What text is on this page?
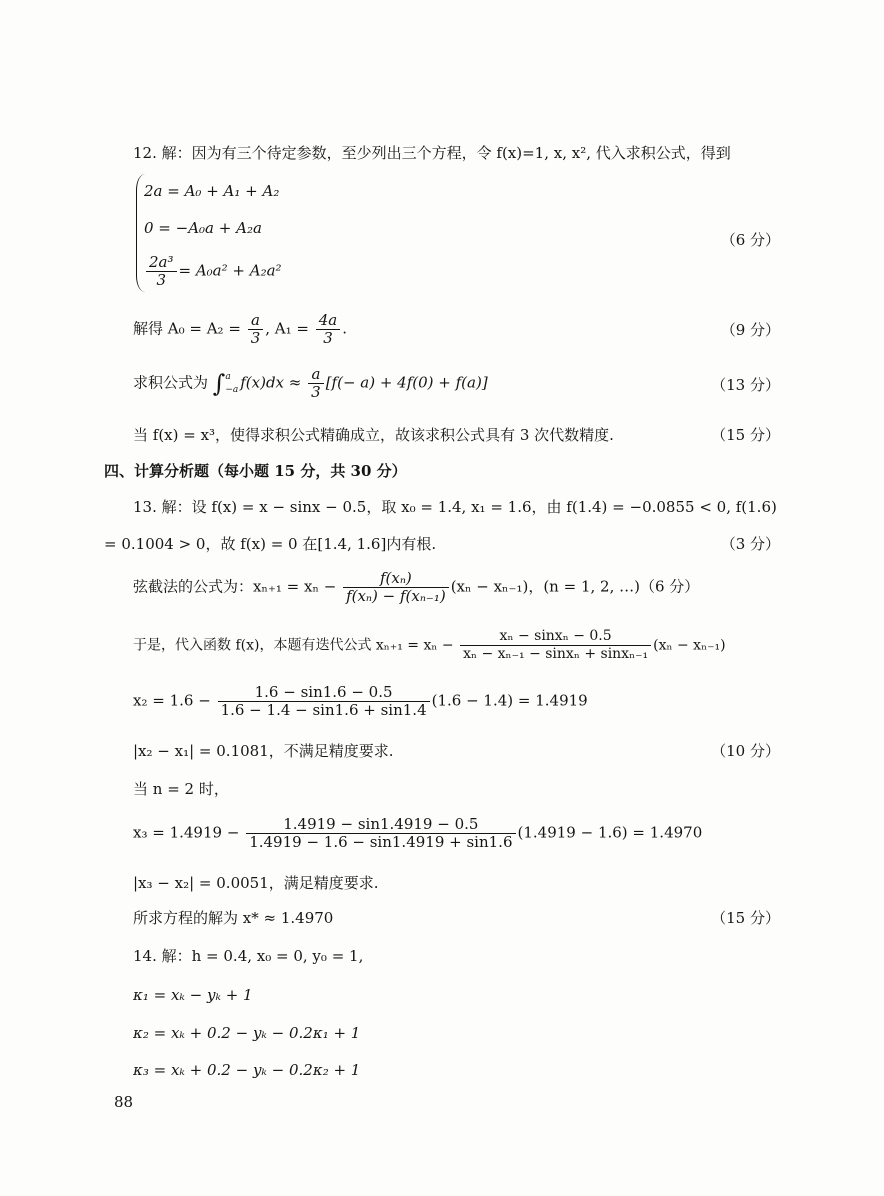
12. 解：因为有三个待定参数，至少列出三个方程，令 f(x)=1, x, x², 代入求积公式，得到
2a = A₀ + A₁ + A₂
0 = −A₀a + A₂a
$\frac{\text{2a³}}{3} = A_0a^2 + A_2a^2$
（6 分）
解得 $A_0 = A_2 = \frac{a}{3}$ , $A_1 = \frac{4a}{3}$ .	（9 分）
求积公式为 ∫ a
−a $f(x)dx \approx \frac{a}{3} [f(- a) + 4f(0) + f(a)]$	（13 分）
当 f(x) = x³，使得求积公式精确成立，故该求积公式具有 3 次代数精度.	（15 分）
四、计算分析题（每小题 15 分，共 30 分）
13. 解：设 f(x) = x − sinx − 0.5，取 x₀ = 1.4, x₁ = 1.6，由 f(1.4) = −0.0855 < 0, f(1.6)
= 0.1004 > 0，故 f(x) = 0 在[1.4, 1.6]内有根.	（3 分）
弦截法的公式为：$x_{n+1} = x_n - \frac{\text{f(xₙ)}}{\text{f(xₙ) − f(xₙ₋₁)}} (x_n - x_{n-1})$，(n = 1, 2, …)（6 分）
于是，代入函数 f(x)，本题有迭代公式 $x_{n+1} = x_n - \frac{\text{xₙ − sinxₙ − 0.5}}{\text{xₙ − xₙ₋₁ − sinxₙ + sinxₙ₋₁}} (x_n - x_{n-1})$
$x_2 = 1.6 - \frac{1.6 - \sin 1.6 - 0.5}{1.6 - 1.4 - \sin 1.6 + \sin 1.4} (1.6 - 1.4) = 1.4919$
|x₂ − x₁| = 0.1081，不满足精度要求.	（10 分）
当 n = 2 时，
$x_3 = 1.4919 - \frac{1.4919 - \sin 1.4919 - 0.5}{1.4919 - 1.6 - \sin 1.4919 + \sin 1.6} (1.4919 - 1.6) = 1.4970$
|x₃ − x₂| = 0.0051，满足精度要求.
所求方程的解为 x* ≈ 1.4970	（15 分）
14. 解：h = 0.4, x₀ = 0, y₀ = 1,
κ₁ = xₖ − yₖ + 1
κ₂ = xₖ + 0.2 − yₖ − 0.2κ₁ + 1
κ₃ = xₖ + 0.2 − yₖ − 0.2κ₂ + 1
88
